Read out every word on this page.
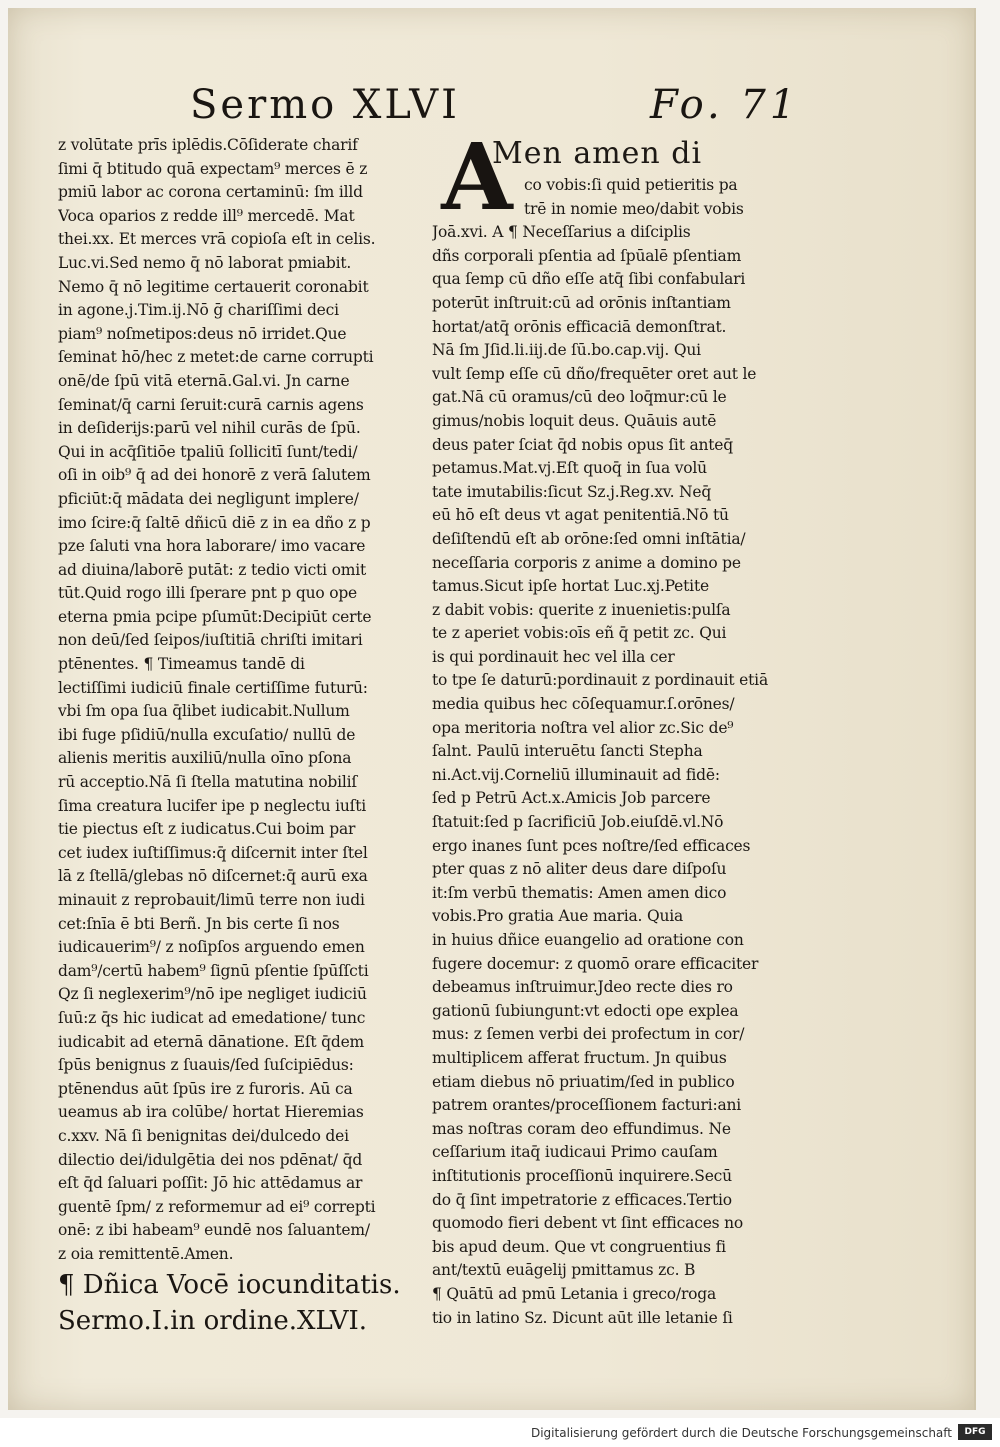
Sermo XLVI	Fo. 71
z volūtate prīs iplēdis.Cōſiderate charif
ſimi q̄ btitudo quā expectam⁹ merces ē z
pmiū labor ac corona certaminū: ſm illd
Voca oparios z redde ill⁹ mercedē. Mat
thei.xx. Et merces vrā copioſa eſt in celis.
Luc.vi.Sed nemo q̄ nō laborat pmiabit.
Nemo q̄ nō legitime certauerit coronabit
in agone.j.Tim.ij.Nō ḡ chariſſimi deci
piam⁹ noſmetipos:deus nō irridet.Que
ſeminat hō/hec z metet:de carne corrupti
onē/de ſpū vitā eternā.Gal.vi. Jn carne
ſeminat/q̄ carni ſeruit:curā carnis agens
in deſiderijs:parū vel nihil curās de ſpū.
Qui in acq̄ſitiōe tpaliū ſollicitī ſunt/tedi/
oſi in oib⁹ q̄ ad dei honorē z verā ſalutem
pficiūt:q̄ mādata dei negligunt implere/
imo ſcire:q̄ ſaltē dñicū diē z in ea dño z p
pze ſaluti vna hora laborare/ imo vacare
ad diuina/laborē putāt: z tedio victi omit
tūt.Quid rogo illi ſperare pnt p quo ope
eterna pmia pcipe pſumūt:Decipiūt certe
non deū/ſed ſeipos/iuſtitiā chriſti imitari
ptēnentes. ¶ Timeamus tandē di
lectiſſimi iudiciū finale certiſſime futurū:
vbi ſm opa ſua q̄libet iudicabit.Nullum
ibi fuge pſidiū/nulla excuſatio/ nullū de
alienis meritis auxiliū/nulla oīno pſona
rū acceptio.Nā ſi ſtella matutina nobiliſ
ſima creatura lucifer ipe p neglectu iuſti
tie piectus eſt z iudicatus.Cui boim par
cet iudex iuſtiſſimus:q̄ diſcernit inter ſtel
lā z ſtellā/glebas nō diſcernet:q̄ aurū exa
minauit z reprobauit/limū terre non iudi
cet:ſnīa ē bti Berñ. Jn bis certe ſi nos
iudicauerim⁹/ z noſipſos arguendo emen
dam⁹/certū habem⁹ ſignū pſentie ſpūſſcti
Qz ſi neglexerim⁹/nō ipe negliget iudiciū
ſuū:z q̄s hic iudicat ad emedatione/ tunc
iudicabit ad eternā dānatione. Eſt q̄dem
ſpūs benignus z ſuauis/ſed ſuſcipiēdus:
ptēnendus aūt ſpūs ire z furoris. Aū ca
ueamus ab ira colūbe/ hortat Hieremias
c.xxv. Nā ſi benignitas dei/dulcedo dei
dilectio dei/idulgētia dei nos pdēnat/ q̄d
eſt q̄d ſaluari poſſit: Jō hic attēdamus ar
guentē ſpm/ z reformemur ad ei⁹ correpti
onē: z ibi habeam⁹ eundē nos ſaluantem/
z oia remittentē.Amen.
¶ Dñica Vocē iocunditatis.
Sermo.I.in ordine.XLVI.
A
Men amen di
co vobis:ſi quid petieritis pa
trē in nomie meo/dabit vobis
Joā.xvi. A ¶ Neceſſarius a diſciplis
dñs corporali pſentia ad ſpūalē pſentiam
qua ſemp cū dño eſſe atq̄ ſibi confabulari
poterūt inſtruit:cū ad orōnis inſtantiam
hortat/atq̄ orōnis efficaciā demonſtrat.
Nā ſm Jſid.li.iij.de ſū.bo.cap.vij. Qui
vult ſemp eſſe cū dño/frequēter oret aut le
gat.Nā cū oramus/cū deo loq̄mur:cū le
gimus/nobis loquit deus. Quāuis autē
deus pater ſciat q̄d nobis opus ſit anteq̄
petamus.Mat.vj.Eſt quoq̄ in ſua volū
tate imutabilis:ſicut Sz.j.Reg.xv. Neq̄
eū hō eſt deus vt agat penitentiā.Nō tū
deſiſtendū eſt ab orōne:ſed omni inſtātia/
neceſſaria corporis z anime a domino pe
tamus.Sicut ipſe hortat Luc.xj.Petite
z dabit vobis: querite z inuenietis:pulſa
te z aperiet vobis:oīs eñ q̄ petit zc. Qui
is qui pordinauit hec vel illa cer
to tpe ſe daturū:pordinauit z pordinauit etiā
media quibus hec cōſequamur.ſ.orōnes/
opa meritoria noſtra vel alior zc.Sic de⁹
ſalnt. Paulū interuētu ſancti Stepha
ni.Act.vij.Corneliū illuminauit ad fidē:
ſed p Petrū Act.x.Amicis Job parcere
ſtatuit:ſed p ſacrificiū Job.eiuſdē.vl.Nō
ergo inanes ſunt pces noſtre/ſed efficaces
pter quas z nō aliter deus dare diſpoſu
it:ſm verbū thematis: Amen amen dico
vobis.Pro gratia Aue maria. Quia
in huius dñice euangelio ad oratione con
fugere docemur: z quomō orare efficaciter
debeamus inſtruimur.Jdeo recte dies ro
gationū ſubiungunt:vt edocti ope explea
mus: z ſemen verbi dei profectum in cor/
multiplicem afferat fructum. Jn quibus
etiam diebus nō priuatim/ſed in publico
patrem orantes/proceſſionem facturi:ani
mas noſtras coram deo effundimus. Ne
ceſſarium itaq̄ iudicaui Primo cauſam
inſtitutionis proceſſionū inquirere.Secū
do q̄ ſint impetratorie z efficaces.Tertio
quomodo fieri debent vt ſint efficaces no
bis apud deum. Que vt congruentius fi
ant/textū euāgelij pmittamus zc. B
¶ Quātū ad pmū Letania i greco/roga
tio in latino Sz. Dicunt aūt ille letanie ſi
Digitalisierung gefördert durch die Deutsche Forschungsgemeinschaft	DFG
